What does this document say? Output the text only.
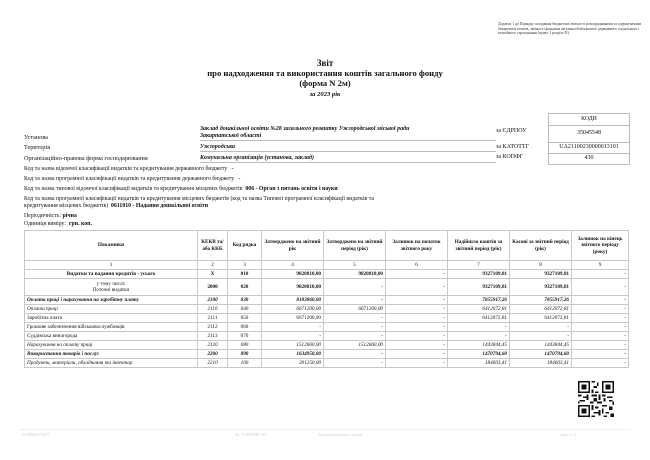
Додаток 1 до Порядку складання бюджетної звітності розпорядниками та одержувачами бюджетних коштів, звітності фондами загальнообов'язкового державного соціального і пенсійного страхування (пункт 1 розділу II)
Звіт
про надходження та використання коштів загального фонду
(форма N 2м)
за 2023 рік
КОДИ
за ЄДРПОУ	35045548
за КАТОТТГ	UA21100230000013101
за КОПФГ	430
Установа
Заклад дошкільної освіти №28 загального розвитку Ужгородської міської ради
Закарпатської області
Територія	Ужгородська
Організаційно-правова форма господарювання	Комунальна організація (установа, заклад)
Код та назва відомчої класифікації видатків та кредитування державного бюджету -
Код та назва програмної класифікації видатків та кредитування державного бюджету -
Код та назва типової відомчої класифікації видатків та кредитування місцевих бюджетів 006 - Орган з питань освіти і науки
Код та назва програмної класифікації видатків та кредитування місцевих бюджетів (код та назва Типової програмної класифікації видатків та
кредитування місцевих бюджетів) 0611010 - Надання дошкільної освіти
Періодичність: річна
Одиниця виміру: грн. коп.
Показники	КЕКВ та/або ККК	Код рядка	Затверджено на звітний рік	Затверджено на звітний період (рік)	Залишок на початок звітного року	Надійшло коштів за звітний період (рік)	Касові за звітний період (рік)	Залишок на кінець звітного періоду (року)
1	2	3	4	5	6	7	8	9
Видатки та надання кредитів - усього	X	010	9820810,00	9820810,00	-	9327109,81	9327109,81	-

у тому числі:
Поточні видатки	2000	020	9820810,00	-	-	9327109,81	9327109,81	-
Оплата праці і нарахування на заробітну плату	2100	030	8183860,00	-	-	7855917,26	7855917,26	-
Оплата праці	2110	040	6671200,00	6671200,00	-	6412072,81	6412072,81	-
Заробітна плата	2111	050	6671200,00	-	-	6412072,81	6412072,81	-
Грошове забезпечення військовослужбовців	2112	060	-	-	-	-	-	-
Суддівська винагорода	2113	070	-	-	-	-	-	-
Нарахування на оплату праці	2120	080	1512660,00	1512660,00	-	1443844,45	1443844,45	-
Використання товарів і послуг	2200	090	1634950,00	-	-	1470794,60	1470794,60	-
Продукти, матеріали, обладнання та інвентар	2210	100	201250,00	-	-	184603,41	184603,41	-
IS-000000175477	АС "Є-ЗВІТНІСТЬ"	Звіт підготовлено в системі	стор. 1 з 3
